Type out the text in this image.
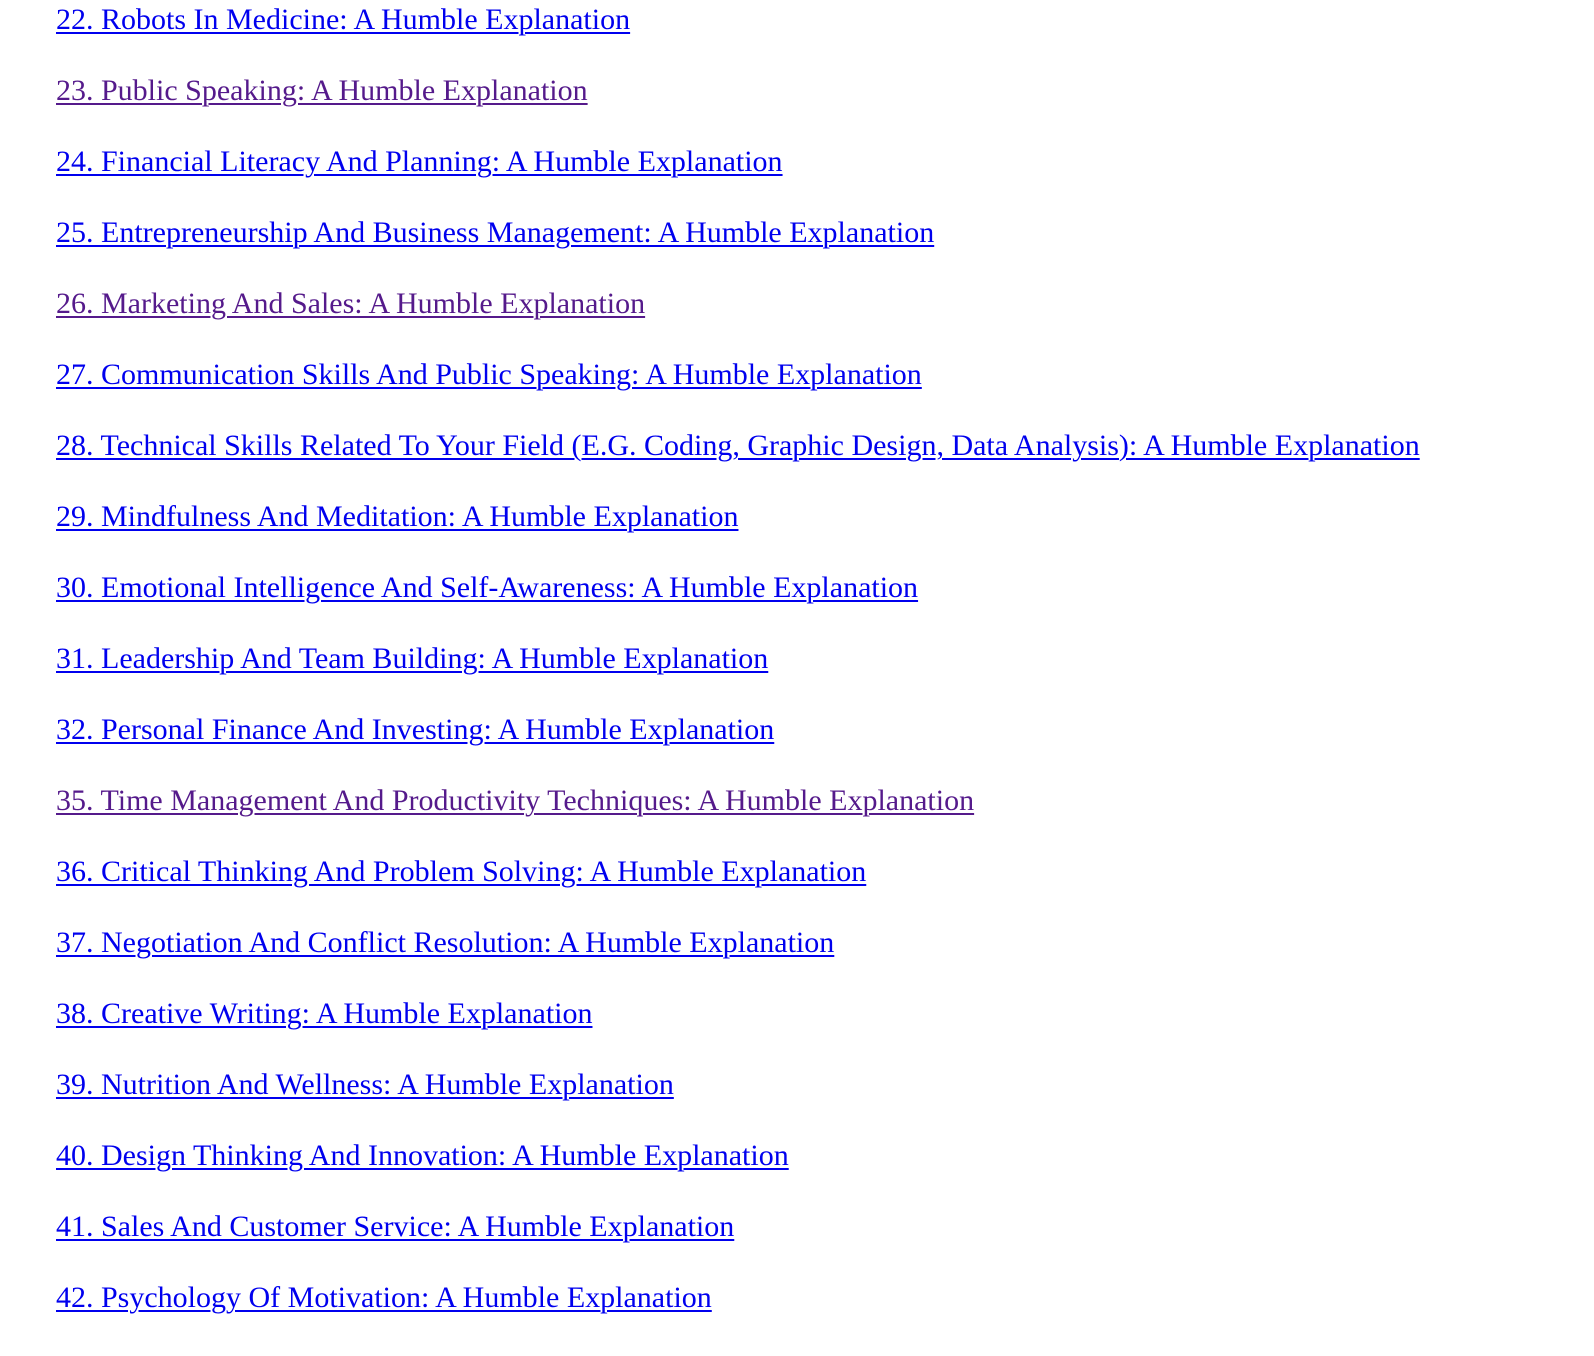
22. Robots In Medicine: A Humble Explanation
23. Public Speaking: A Humble Explanation
24. Financial Literacy And Planning: A Humble Explanation
25. Entrepreneurship And Business Management: A Humble Explanation
26. Marketing And Sales: A Humble Explanation
27. Communication Skills And Public Speaking: A Humble Explanation
28. Technical Skills Related To Your Field (E.G. Coding, Graphic Design, Data Analysis): A Humble Explanation
29. Mindfulness And Meditation: A Humble Explanation
30. Emotional Intelligence And Self-Awareness: A Humble Explanation
31. Leadership And Team Building: A Humble Explanation
32. Personal Finance And Investing: A Humble Explanation
35. Time Management And Productivity Techniques: A Humble Explanation
36. Critical Thinking And Problem Solving: A Humble Explanation
37. Negotiation And Conflict Resolution: A Humble Explanation
38. Creative Writing: A Humble Explanation
39. Nutrition And Wellness: A Humble Explanation
40. Design Thinking And Innovation: A Humble Explanation
41. Sales And Customer Service: A Humble Explanation
42. Psychology Of Motivation: A Humble Explanation
